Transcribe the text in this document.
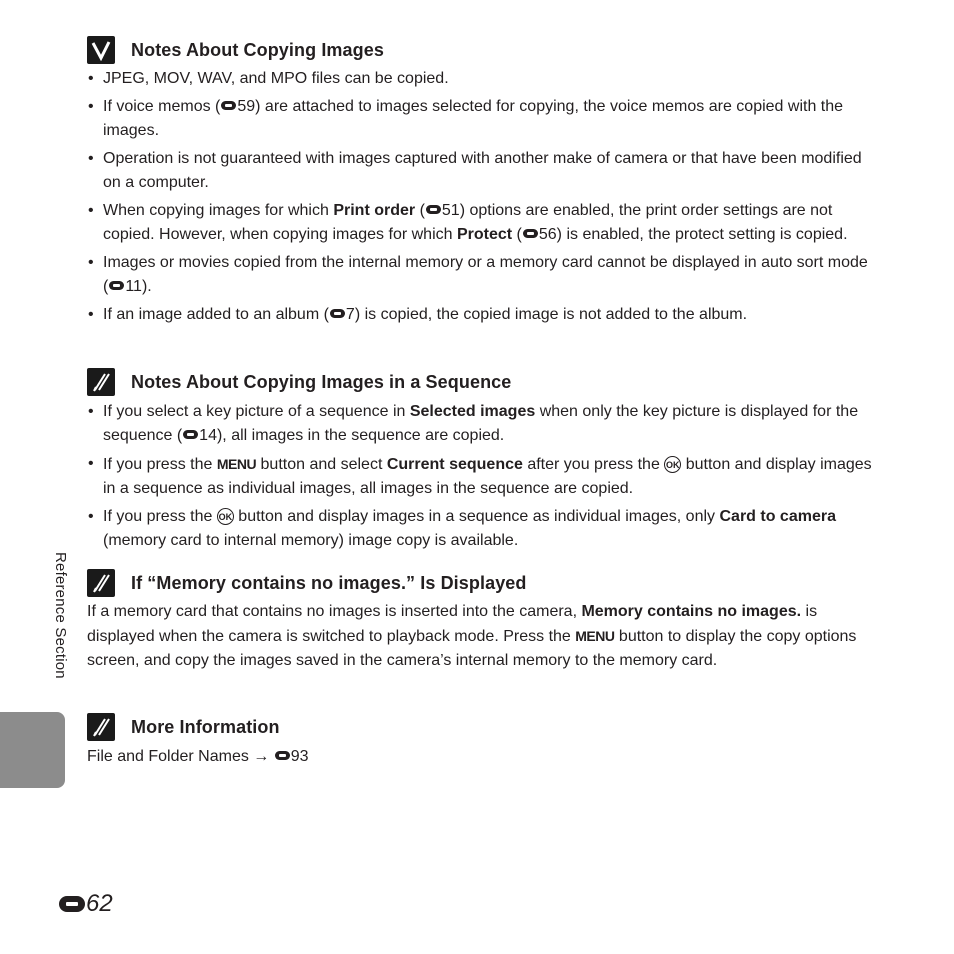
Notes About Copying Images
• JPEG, MOV, WAV, and MPO files can be copied.
• If voice memos ( 59) are attached to images selected for copying, the voice memos are copied with the images.
• Operation is not guaranteed with images captured with another make of camera or that have been modified on a computer.
• When copying images for which Print order ( 51) options are enabled, the print order settings are not copied. However, when copying images for which Protect ( 56) is enabled, the protect setting is copied.
• Images or movies copied from the internal memory or a memory card cannot be displayed in auto sort mode ( 11).
• If an image added to an album ( 7) is copied, the copied image is not added to the album.
Notes About Copying Images in a Sequence
• If you select a key picture of a sequence in Selected images when only the key picture is displayed for the sequence ( 14), all images in the sequence are copied.
• If you press the MENU button and select Current sequence after you press the OK button and display images in a sequence as individual images, all images in the sequence are copied.
• If you press the OK button and display images in a sequence as individual images, only Card to camera (memory card to internal memory) image copy is available.
If “Memory contains no images.” Is Displayed
If a memory card that contains no images is inserted into the camera, Memory contains no images. is displayed when the camera is switched to playback mode. Press the MENU button to display the copy options screen, and copy the images saved in the camera’s internal memory to the memory card.
More Information
File and Folder Names → 93
Reference Section
62
